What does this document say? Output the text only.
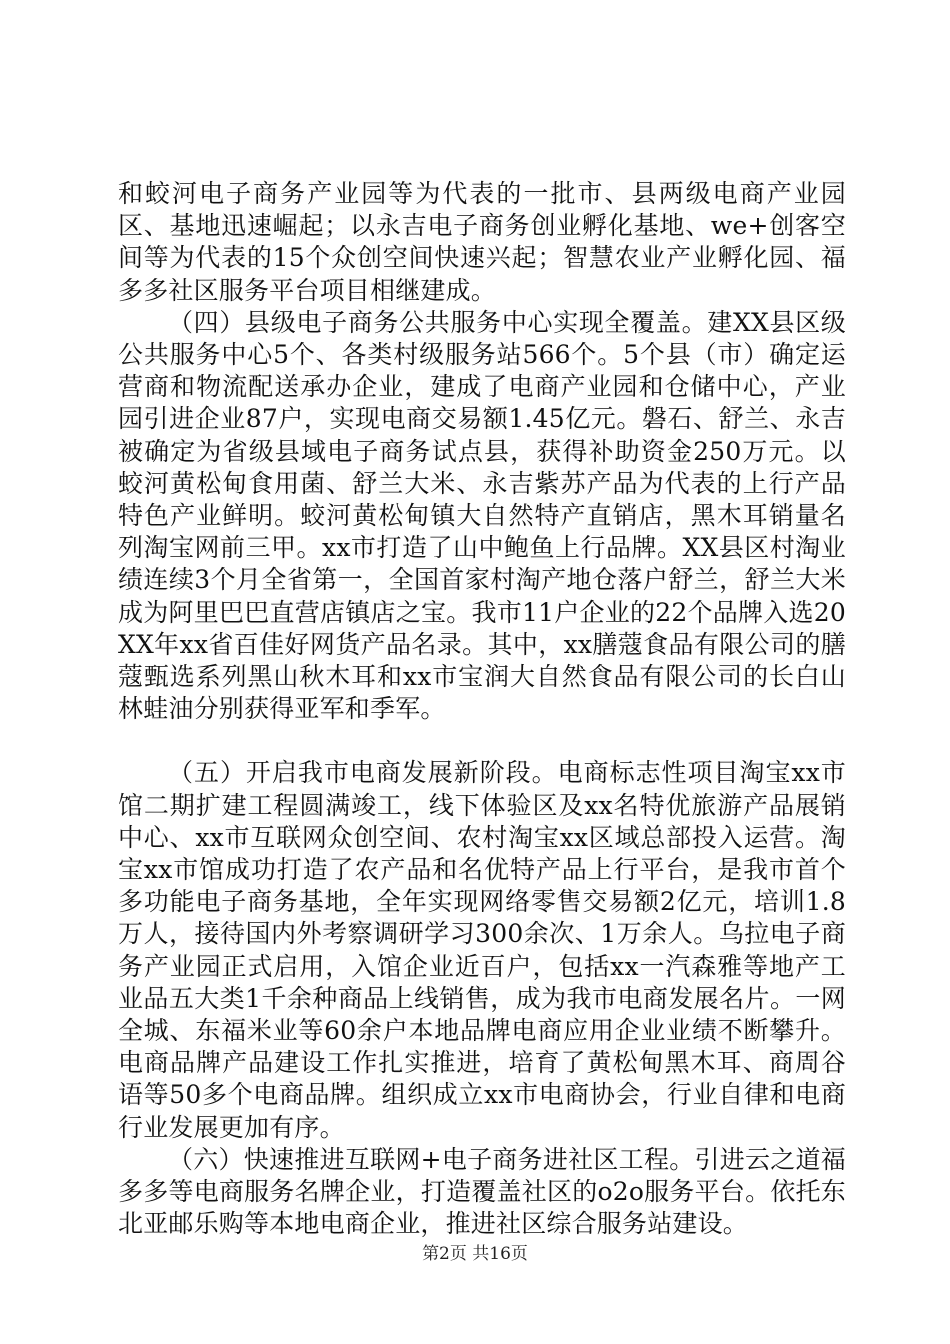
和蛟河电子商务产业园等为代表的一批市、县两级电商产业园区、基地迅速崛起；以永吉电子商务创业孵化基地、we+创客空间等为代表的15个众创空间快速兴起；智慧农业产业孵化园、福多多社区服务平台项目相继建成。

（四）县级电子商务公共服务中心实现全覆盖。建XX县区级公共服务中心5个、各类村级服务站566个。5个县（市）确定运营商和物流配送承办企业，建成了电商产业园和仓储中心，产业园引进企业87户，实现电商交易额1.45亿元。磐石、舒兰、永吉被确定为省级县域电子商务试点县，获得补助资金250万元。以蛟河黄松甸食用菌、舒兰大米、永吉紫苏产品为代表的上行产品特色产业鲜明。蛟河黄松甸镇大自然特产直销店，黑木耳销量名列淘宝网前三甲。xx市打造了山中鲍鱼上行品牌。XX县区村淘业绩连续3个月全省第一，全国首家村淘产地仓落户舒兰，舒兰大米成为阿里巴巴直营店镇店之宝。我市11户企业的22个品牌入选20XX年xx省百佳好网货产品名录。其中，xx膳蔻食品有限公司的膳蔻甄选系列黑山秋木耳和xx市宝润大自然食品有限公司的长白山林蛙油分别获得亚军和季军。

（五）开启我市电商发展新阶段。电商标志性项目淘宝xx市馆二期扩建工程圆满竣工，线下体验区及xx名特优旅游产品展销中心、xx市互联网众创空间、农村淘宝xx区域总部投入运营。淘宝xx市馆成功打造了农产品和名优特产品上行平台，是我市首个多功能电子商务基地，全年实现网络零售交易额2亿元，培训1.8万人，接待国内外考察调研学习300余次、1万余人。乌拉电子商务产业园正式启用，入馆企业近百户，包括xx一汽森雅等地产工业品五大类1千余种商品上线销售，成为我市电商发展名片。一网全城、东福米业等60余户本地品牌电商应用企业业绩不断攀升。电商品牌产品建设工作扎实推进，培育了黄松甸黑木耳、商周谷语等50多个电商品牌。组织成立xx市电商协会，行业自律和电商行业发展更加有序。

（六）快速推进互联网+电子商务进社区工程。引进云之道福多多等电商服务名牌企业，打造覆盖社区的o2o服务平台。依托东北亚邮乐购等本地电商企业，推进社区综合服务站建设。

第2页 共16页
